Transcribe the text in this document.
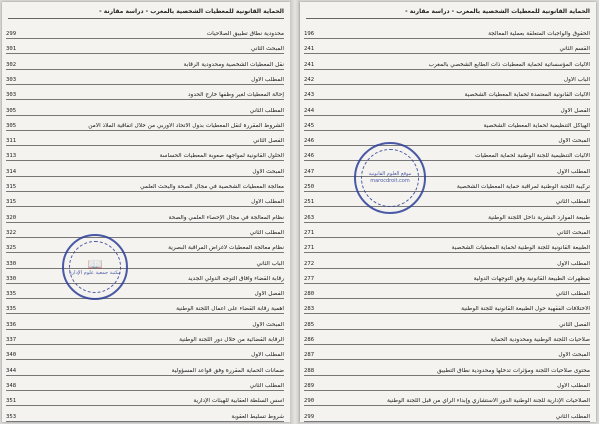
الحماية القانونية للمعطيات الشخصية بالمغرب - دراسة مقارنة -
299	محدودية نطاق تطبيق الصلاحيات
301	المبحث الثاني
302	نقل المعطيات الشخصية ومحدودية الرقابة
303	المطلب الأول
303	إحالة المعطيات لغير وظفها خارج الحدود
305	المطلب الثاني
305	الشروط المقررة لنقل المعطيات بدول الاتحاد الأوربي من خلال اتفاقية الملاذ الآمن
311	الفصل الثاني
313	الحلول القانونية لمواجهة صعوبة المعطيات الحساسة
314	المبحث الأول
315	معالجة المعطيات الشخصية في مجال الصحة والبحث العلمي
315	المطلب الأول
320	نظام المعالجة في مجال الإحصاء العلمي والصحة
322	المطلب الثاني
325	نظام معالجة المعطيات لأغراض المراقبة البصرية
330	الباب الثاني
330	رقابة القضاء وآفاق التوجه الدولي الجديد
335	الفصل الأول
335	أهمية رقابة القضاء على أعمال اللجنة الوطنية
336	المبحث الأول
337	الرقابة القضائية من خلال دور اللجنة الوطنية
340	المطلب الأول
344	ضمانات الحماية المقررة وفق قواعد المسؤولية
348	المطلب الثاني
351	أسس السلطة العقابية للهيئات الإدارية
353	شروط تسليط العقوبة
📖
مكتبة جمعية علوم الإدارة
الحماية القانونية للمعطيات الشخصية بالمغرب - دراسة مقارنة -
196	الحقوق والواجبات المتعلقة بعملية المعالجة
241	القسم الثاني
241	الآليات المؤسساتية لحماية المعطيات ذات الطابع الشخصي بالمغرب
242	الباب الأول
243	الآليات القانونية المعتمدة لحماية المعطيات الشخصية
244	الفصل الأول
245	الهياكل التنظيمية لحماية المعطيات الشخصية
246	المبحث الأول
246	الآليات التنظيمية للجنة الوطنية لحماية المعطيات
247	المطلب الأول
250	تركيبة اللجنة الوطنية لمراقبة حماية المعطيات الشخصية
251	المطلب الثاني
263	طبيعة الموارد البشرية داخل اللجنة الوطنية
271	المبحث الثاني
271	الطبيعة القانونية للجنة الوطنية لحماية المعطيات الشخصية
272	المطلب الأول
277	تمظهرات الطبيعة القانونية وفق التوجهات الدولية
280	المطلب الثاني
283	الاختلافات الفقهية حول الطبيعة القانونية للجنة الوطنية
285	الفصل الثاني
286	صلاحيات اللجنة الوطنية ومحدودية الحماية
287	المبحث الأول
288	محتوى صلاحيات اللجنة ومؤثرات تدخلها ومحدودية نطاق التطبيق
289	المطلب الأول
290	الصلاحيات الإدارية للجنة الوطنية الدور الاستشاري وإبداء الرأي من قبل اللجنة الوطنية
299	المطلب الثاني
موقع العلوم القانونية marocdroit.com
